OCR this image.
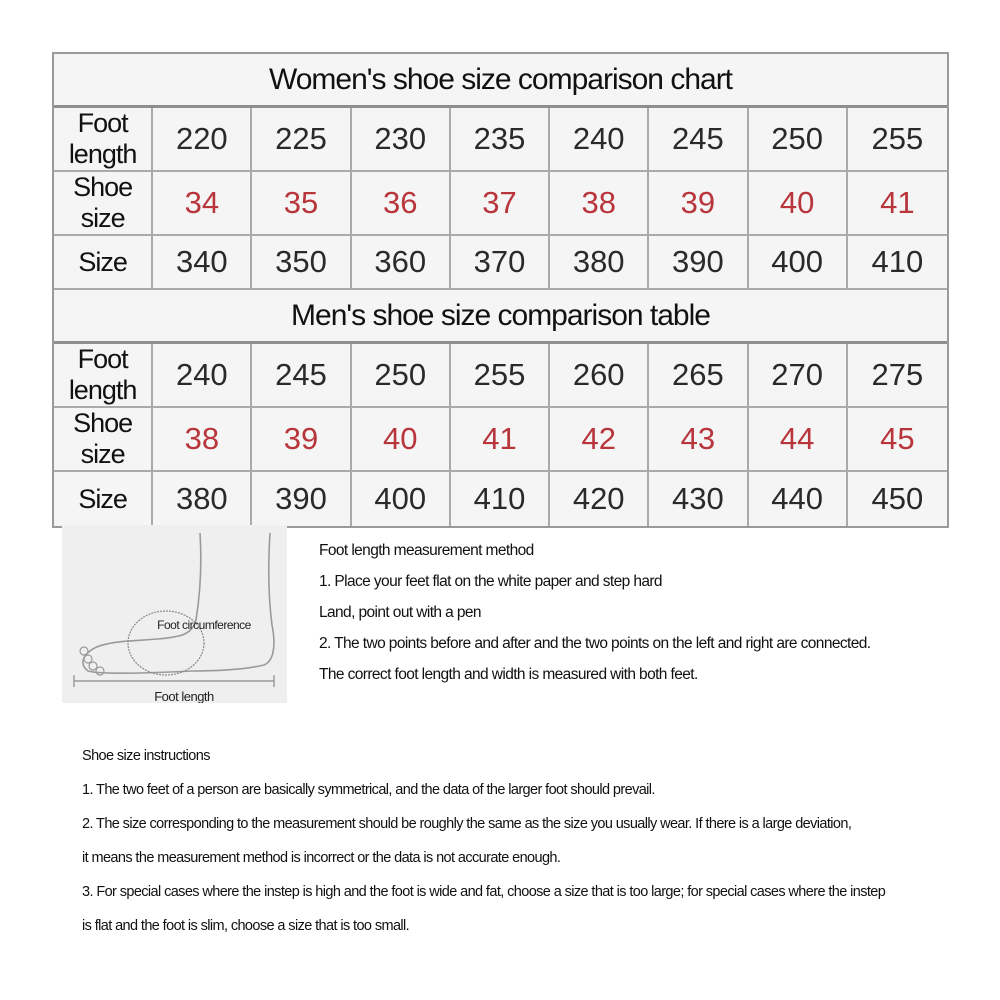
Women's shoe size comparison chart								
Foot length	220	225	230	235	240	245	250	255
Shoe size	34	35	36	37	38	39	40	41
Size	340	350	360	370	380	390	400	410
Men's shoe size comparison table								
Foot length	240	245	250	255	260	265	270	275
Shoe size	38	39	40	41	42	43	44	45
Size	380	390	400	410	420	430	440	450
Foot circumference
Foot length
Foot length measurement method
1. Place your feet flat on the white paper and step hard
Land, point out with a pen
2. The two points before and after and the two points on the left and right are connected.
The correct foot length and width is measured with both feet.
Shoe size instructions
1. The two feet of a person are basically symmetrical, and the data of the larger foot should prevail.
2. The size corresponding to the measurement should be roughly the same as the size you usually wear. If there is a large deviation,
it means the measurement method is incorrect or the data is not accurate enough.
3. For special cases where the instep is high and the foot is wide and fat, choose a size that is too large; for special cases where the instep
is flat and the foot is slim, choose a size that is too small.
